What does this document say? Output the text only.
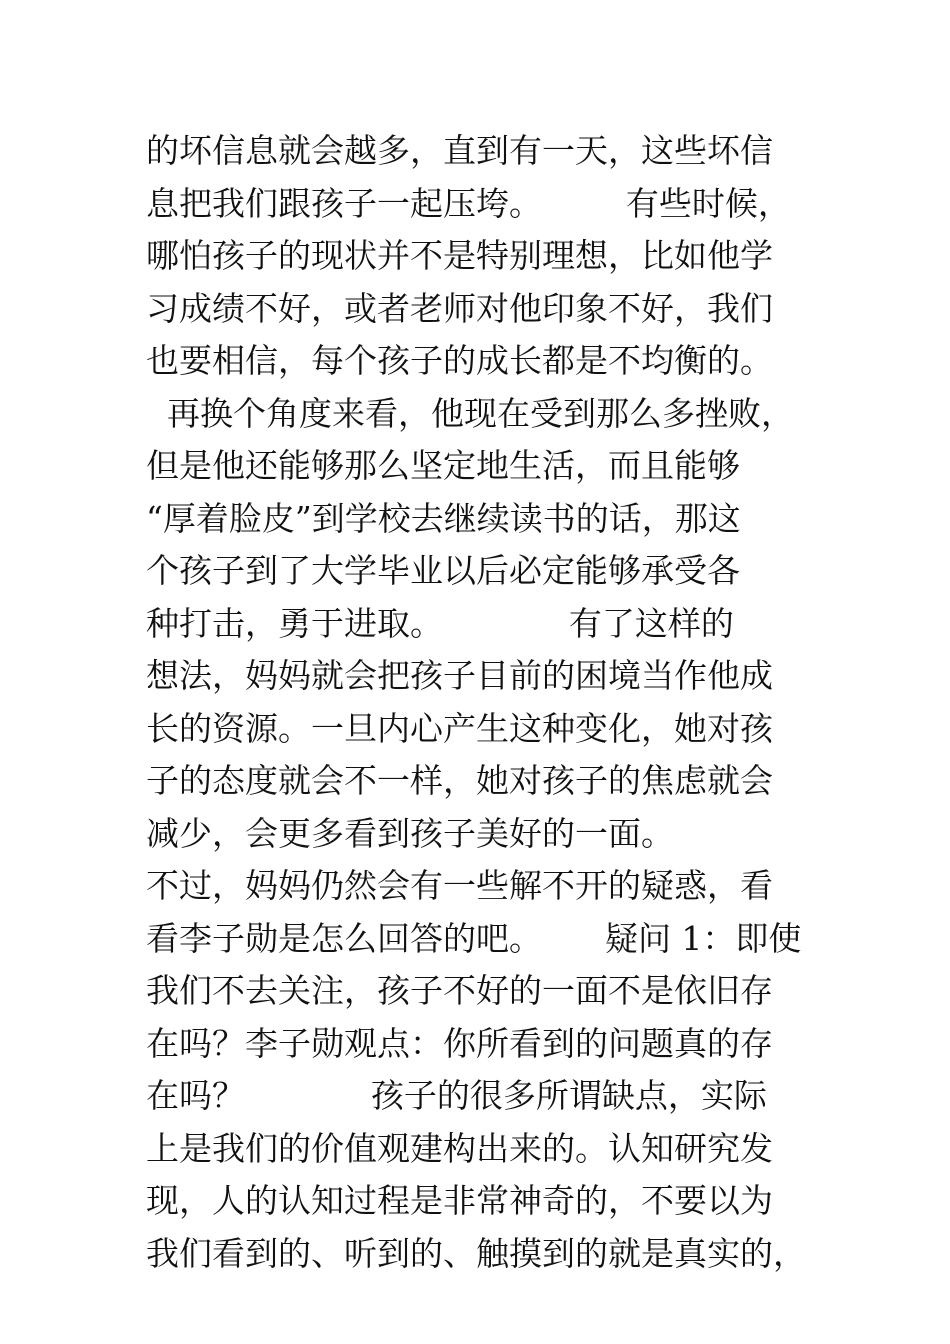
的坏信息就会越多，直到有一天，这些坏信
息把我们跟孩子一起压垮。        有些时候，
哪怕孩子的现状并不是特别理想，比如他学
习成绩不好，或者老师对他印象不好，我们
也要相信，每个孩子的成长都是不均衡的。
再换个角度来看，他现在受到那么多挫败，
但是他还能够那么坚定地生活，而且能够
“厚着脸皮”到学校去继续读书的话，那这
个孩子到了大学毕业以后必定能够承受各
种打击，勇于进取。            有了这样的
想法，妈妈就会把孩子目前的困境当作他成
长的资源。一旦内心产生这种变化，她对孩
子的态度就会不一样，她对孩子的焦虑就会
减少，会更多看到孩子美好的一面。
不过，妈妈仍然会有一些解不开的疑惑，看
看李子勋是怎么回答的吧。      疑问 1：即使
我们不去关注，孩子不好的一面不是依旧存
在吗？李子勋观点：你所看到的问题真的存
在吗？            孩子的很多所谓缺点，实际
上是我们的价值观建构出来的。认知研究发
现，人的认知过程是非常神奇的，不要以为
我们看到的、听到的、触摸到的就是真实的，
